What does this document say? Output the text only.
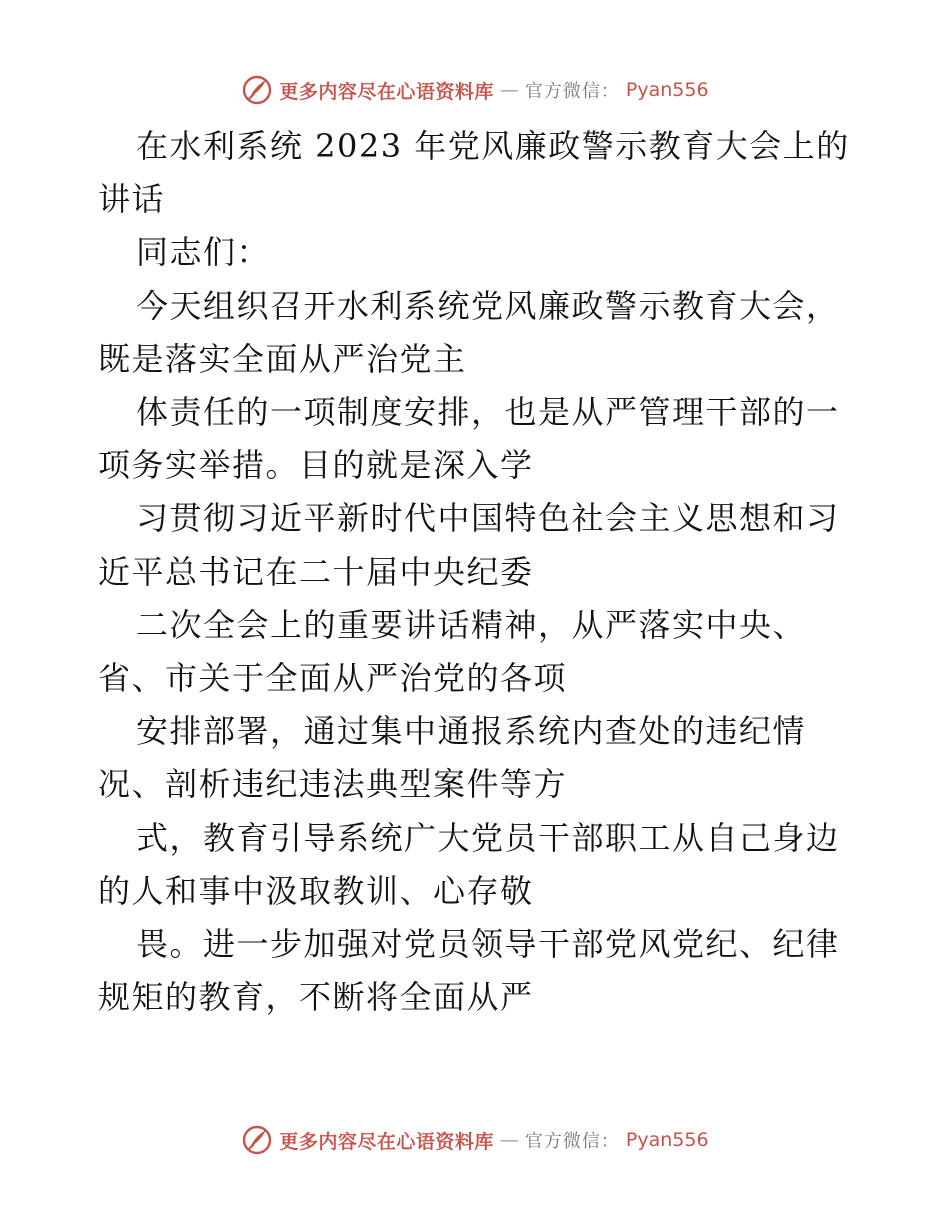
更多内容尽在心语资料库 — 官方微信： Pyan556

在水利系统 2023 年党风廉政警示教育大会上的
讲话

同志们：

今天组织召开水利系统党风廉政警示教育大会，
既是落实全面从严治党主

体责任的一项制度安排，也是从严管理干部的一
项务实举措。目的就是深入学

习贯彻习近平新时代中国特色社会主义思想和习
近平总书记在二十届中央纪委

二次全会上的重要讲话精神，从严落实中央、
省、市关于全面从严治党的各项

安排部署，通过集中通报系统内查处的违纪情
况、剖析违纪违法典型案件等方

式，教育引导系统广大党员干部职工从自己身边
的人和事中汲取教训、心存敬

畏。进一步加强对党员领导干部党风党纪、纪律
规矩的教育，不断将全面从严

更多内容尽在心语资料库 — 官方微信： Pyan556
